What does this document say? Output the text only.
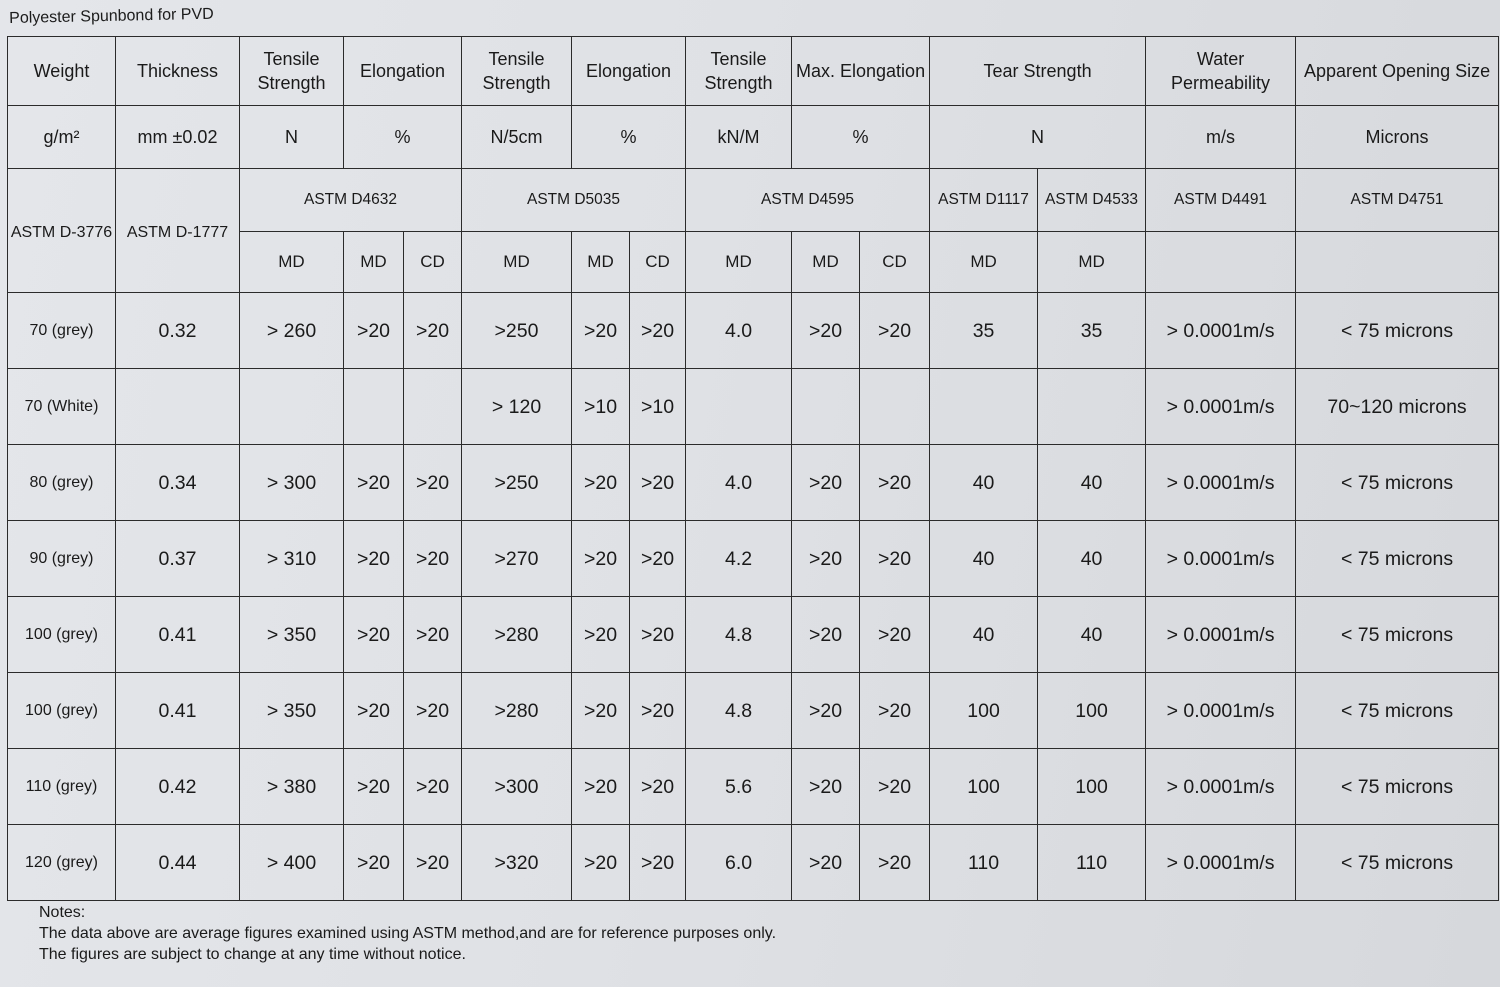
Polyester Spunbond for PVD
Weight	Thickness	Tensile Strength	Elongation		Tensile Strength	Elongation		Tensile Strength	Max. Elongation		Tear Strength		Water Permeability	Apparent Opening Size
g/m²	mm ±0.02	N	%		N/5cm	%		kN/M	%		N		m/s	Microns
ASTM D-3776	ASTM D-1777	ASTM D4632			ASTM D5035			ASTM D4595			ASTM D1117	ASTM D4533	ASTM D4491	ASTM D4751
		MD	MD	CD	MD	MD	CD	MD	MD	CD	MD	MD		
70 (grey)	0.32	> 260	>20	>20	>250	>20	>20	4.0	>20	>20	35	35	> 0.0001m/s	< 75 microns
70 (White)					> 120	>10	>10						> 0.0001m/s	70~120 microns
80 (grey)	0.34	> 300	>20	>20	>250	>20	>20	4.0	>20	>20	40	40	> 0.0001m/s	< 75 microns
90 (grey)	0.37	> 310	>20	>20	>270	>20	>20	4.2	>20	>20	40	40	> 0.0001m/s	< 75 microns
100 (grey)	0.41	> 350	>20	>20	>280	>20	>20	4.8	>20	>20	40	40	> 0.0001m/s	< 75 microns
100 (grey)	0.41	> 350	>20	>20	>280	>20	>20	4.8	>20	>20	100	100	> 0.0001m/s	< 75 microns
110 (grey)	0.42	> 380	>20	>20	>300	>20	>20	5.6	>20	>20	100	100	> 0.0001m/s	< 75 microns
120 (grey)	0.44	> 400	>20	>20	>320	>20	>20	6.0	>20	>20	110	110	> 0.0001m/s	< 75 microns
Notes:
The data above are average figures examined using ASTM method,and are for reference purposes only.
The figures are subject to change at any time without notice.
